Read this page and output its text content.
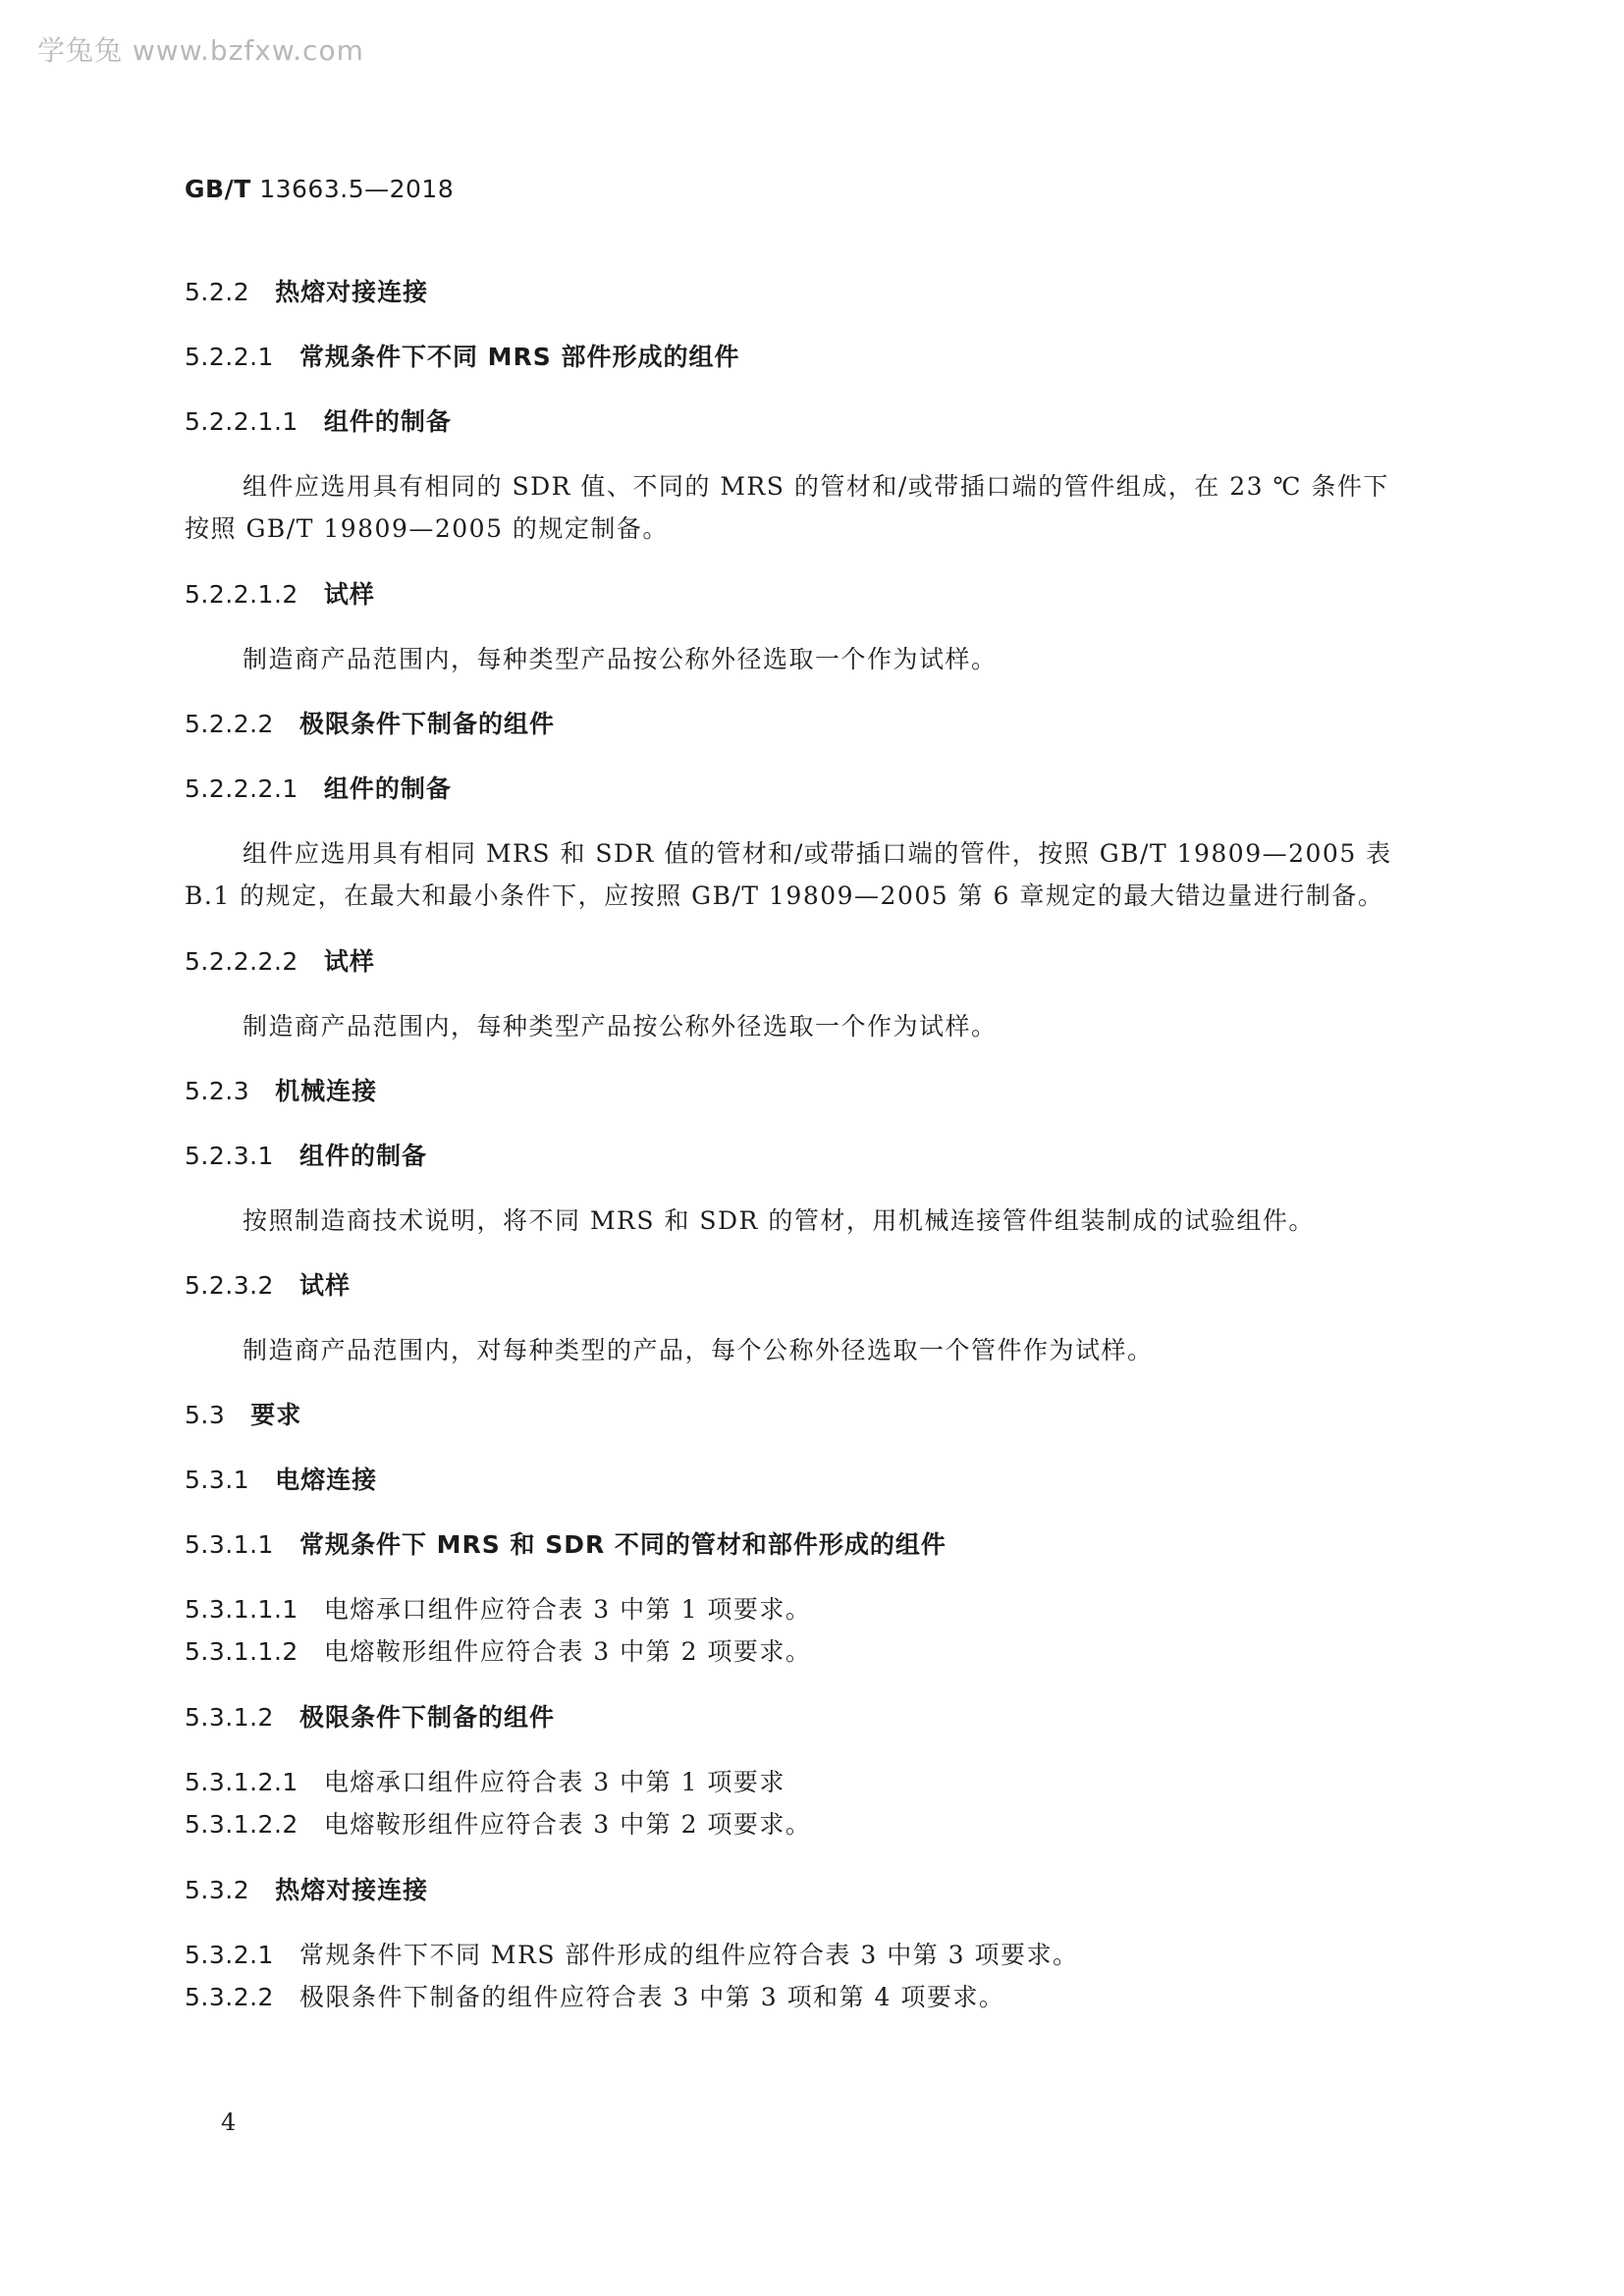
学兔兔 www.bzfxw.com
GB/T 13663.5—2018
5.2.2 热熔对接连接
5.2.2.1 常规条件下不同 MRS 部件形成的组件
5.2.2.1.1 组件的制备
组件应选用具有相同的 SDR 值、不同的 MRS 的管材和/或带插口端的管件组成，在 23 ℃ 条件下
按照 GB/T 19809—2005 的规定制备。
5.2.2.1.2 试样
制造商产品范围内，每种类型产品按公称外径选取一个作为试样。
5.2.2.2 极限条件下制备的组件
5.2.2.2.1 组件的制备
组件应选用具有相同 MRS 和 SDR 值的管材和/或带插口端的管件，按照 GB/T 19809—2005 表
B.1 的规定，在最大和最小条件下，应按照 GB/T 19809—2005 第 6 章规定的最大错边量进行制备。
5.2.2.2.2 试样
制造商产品范围内，每种类型产品按公称外径选取一个作为试样。
5.2.3 机械连接
5.2.3.1 组件的制备
按照制造商技术说明，将不同 MRS 和 SDR 的管材，用机械连接管件组装制成的试验组件。
5.2.3.2 试样
制造商产品范围内，对每种类型的产品，每个公称外径选取一个管件作为试样。
5.3 要求
5.3.1 电熔连接
5.3.1.1 常规条件下 MRS 和 SDR 不同的管材和部件形成的组件
5.3.1.1.1 电熔承口组件应符合表 3 中第 1 项要求。
5.3.1.1.2 电熔鞍形组件应符合表 3 中第 2 项要求。
5.3.1.2 极限条件下制备的组件
5.3.1.2.1 电熔承口组件应符合表 3 中第 1 项要求
5.3.1.2.2 电熔鞍形组件应符合表 3 中第 2 项要求。
5.3.2 热熔对接连接
5.3.2.1 常规条件下不同 MRS 部件形成的组件应符合表 3 中第 3 项要求。
5.3.2.2 极限条件下制备的组件应符合表 3 中第 3 项和第 4 项要求。
4
